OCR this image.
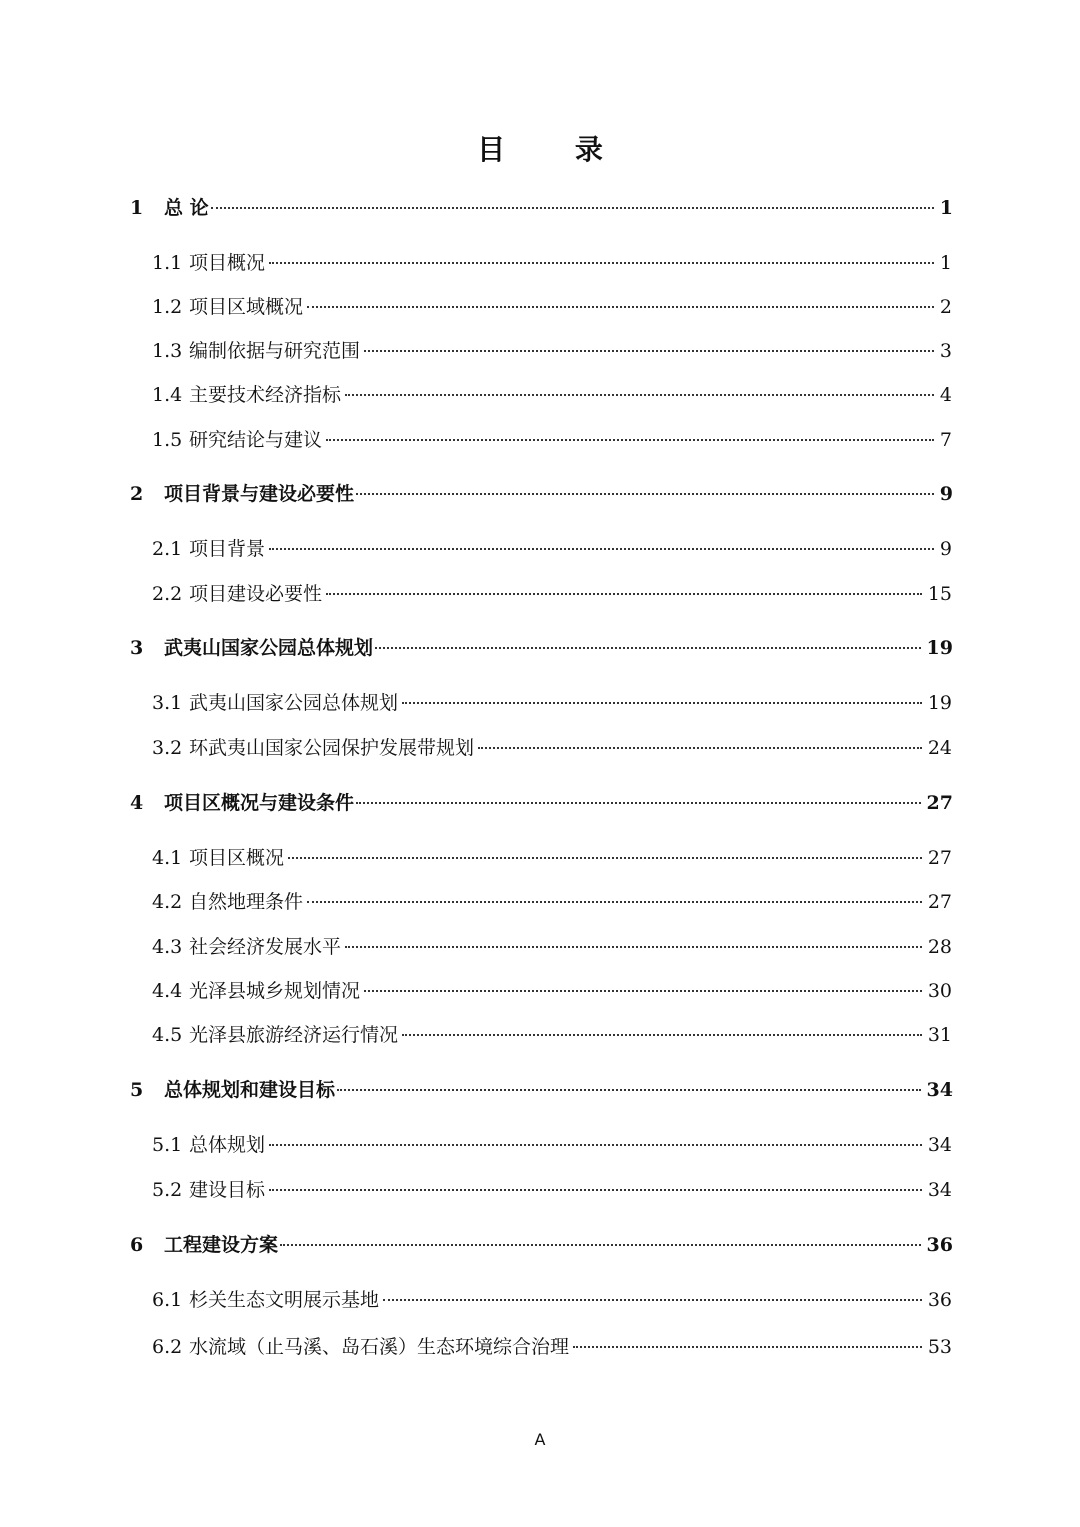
目 录
1	总 论	1
1.1 项目概况	1
1.2 项目区域概况	2
1.3 编制依据与研究范围	3
1.4 主要技术经济指标	4
1.5 研究结论与建议	7
2	项目背景与建设必要性	9
2.1 项目背景	9
2.2 项目建设必要性	15
3	武夷山国家公园总体规划	19
3.1 武夷山国家公园总体规划	19
3.2 环武夷山国家公园保护发展带规划	24
4	项目区概况与建设条件	27
4.1 项目区概况	27
4.2 自然地理条件	27
4.3 社会经济发展水平	28
4.4 光泽县城乡规划情况	30
4.5 光泽县旅游经济运行情况	31
5	总体规划和建设目标	34
5.1 总体规划	34
5.2 建设目标	34
6	工程建设方案	36
6.1 杉关生态文明展示基地	36
6.2 水流域（止马溪、岛石溪）生态环境综合治理	53
A
